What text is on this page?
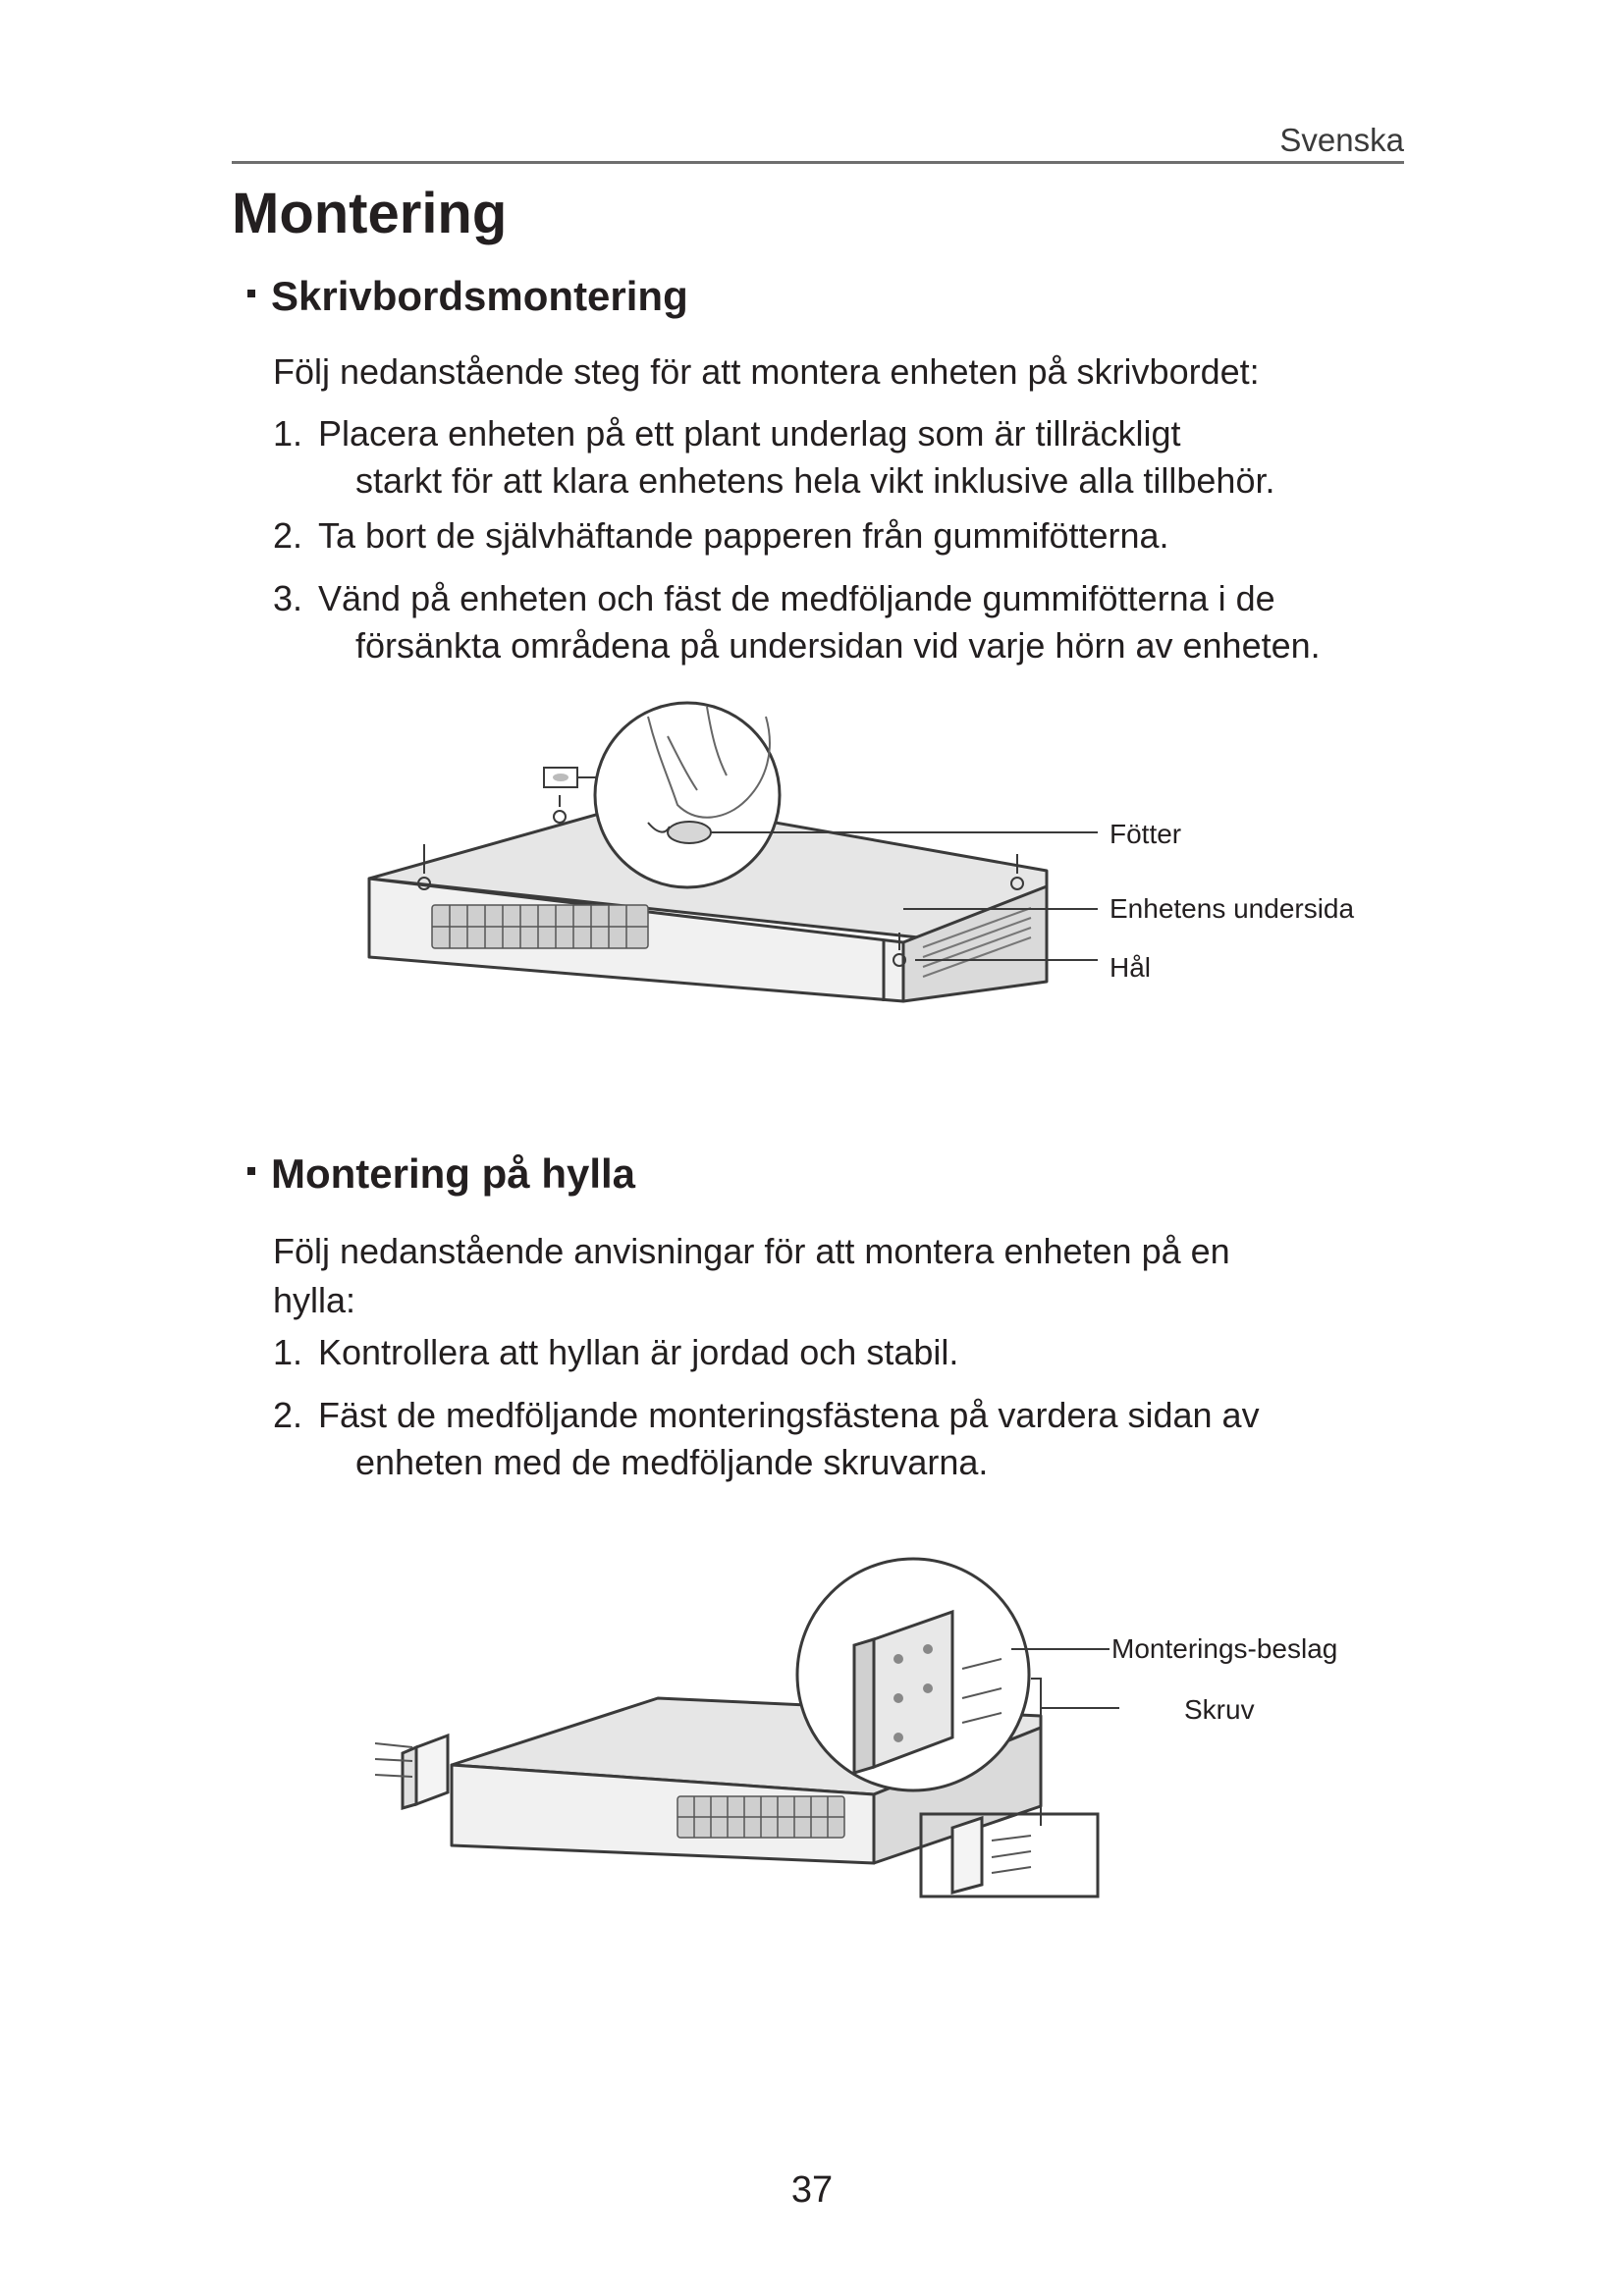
Svenska
Montering
Skrivbordsmontering

Följ nedanstående steg för att montera enheten på skrivbordet:

1. Placera enheten på ett plant underlag som är tillräckligt
starkt för att klara enhetens hela vikt inklusive alla tillbehör.
2. Ta bort de självhäftande papperen från gummifötterna.
3. Vänd på enheten och fäst de medföljande gummifötterna i de
försänkta områdena på undersidan vid varje hörn av enheten.
Fötter
Enhetens undersida
Hål
Montering på hylla

Följ nedanstående anvisningar för att montera enheten på en
hylla:

1. Kontrollera att hyllan är jordad och stabil.
2. Fäst de medföljande monteringsfästena på vardera sidan av
enheten med de medföljande skruvarna.
Monterings-beslag
Skruv
37
